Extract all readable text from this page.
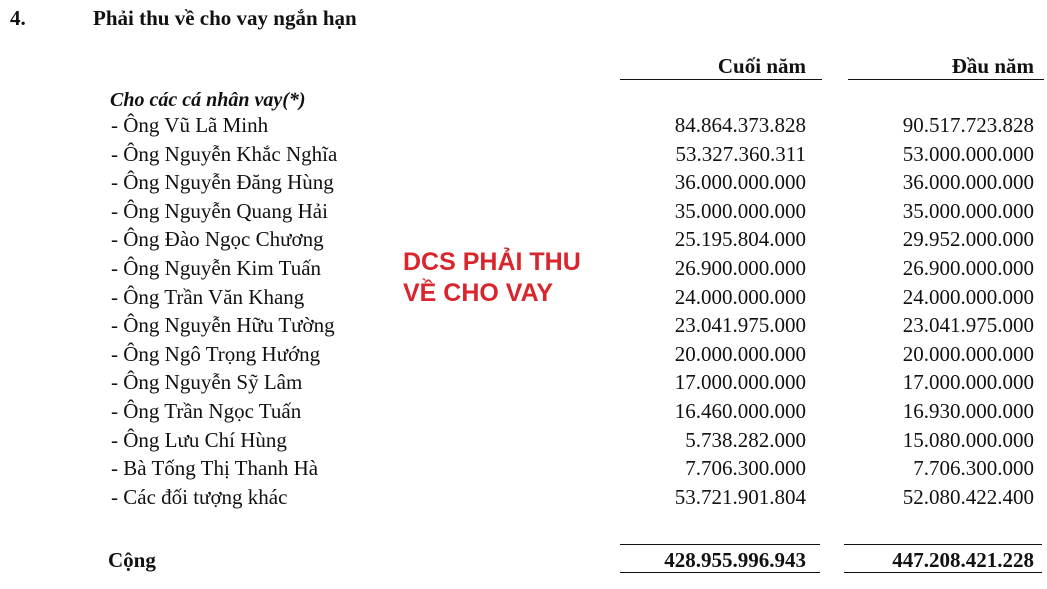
4.	Phải thu về cho vay ngắn hạn
Cuối năm	Đầu năm
Cho các cá nhân vay(*)
- Ông Vũ Lã Minh	84.864.373.828	90.517.723.828
- Ông Nguyễn Khắc Nghĩa	53.327.360.311	53.000.000.000
- Ông Nguyễn Đăng Hùng	36.000.000.000	36.000.000.000
- Ông Nguyễn Quang Hải	35.000.000.000	35.000.000.000
- Ông Đào Ngọc Chương	25.195.804.000	29.952.000.000
- Ông Nguyễn Kim Tuấn	26.900.000.000	26.900.000.000
- Ông Trần Văn Khang	24.000.000.000	24.000.000.000
- Ông Nguyễn Hữu Tường	23.041.975.000	23.041.975.000
- Ông Ngô Trọng Hướng	20.000.000.000	20.000.000.000
- Ông Nguyễn Sỹ Lâm	17.000.000.000	17.000.000.000
- Ông Trần Ngọc Tuấn	16.460.000.000	16.930.000.000
- Ông Lưu Chí Hùng	5.738.282.000	15.080.000.000
- Bà Tống Thị Thanh Hà	7.706.300.000	7.706.300.000
- Các đối tượng khác	53.721.901.804	52.080.422.400
Cộng	428.955.996.943	447.208.421.228
DCS PHẢI THU
VỀ CHO VAY
